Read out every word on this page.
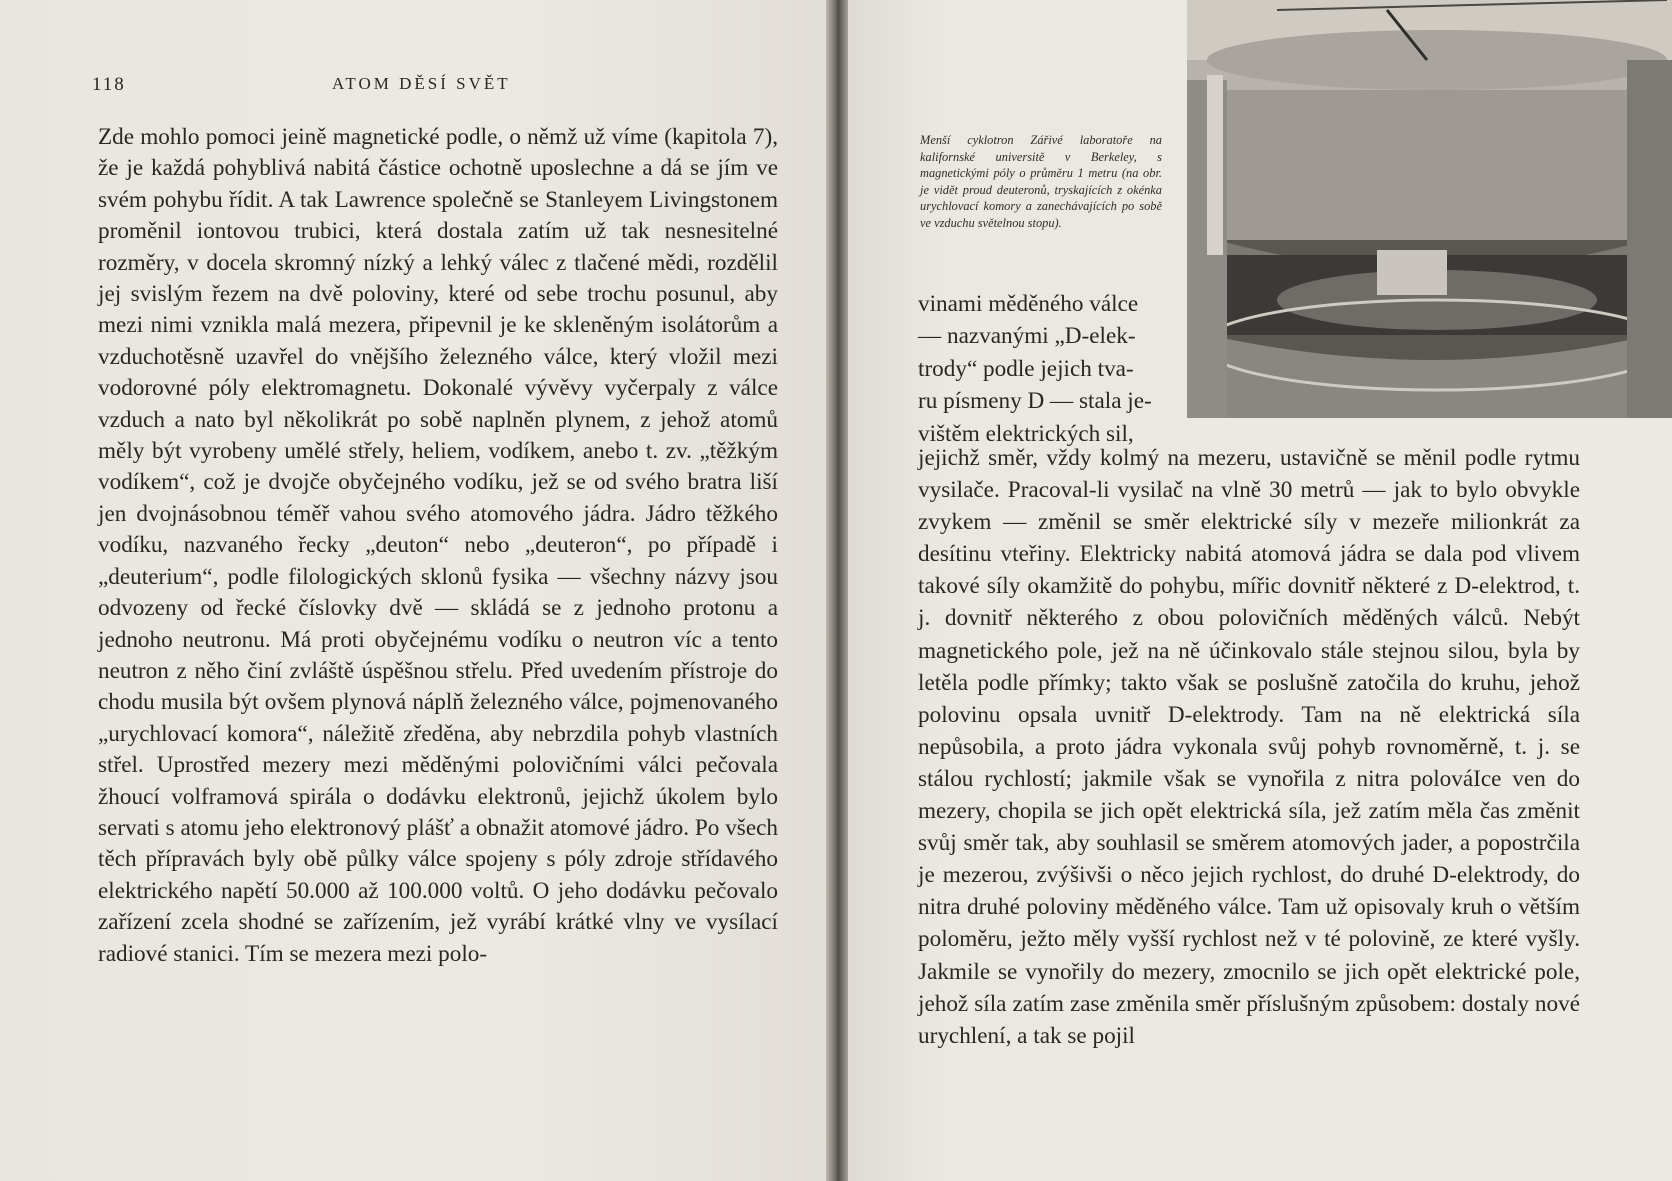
118	ATOM DĚSÍ SVĚT

Zde mohlo pomoci jeině magnetické podle, o němž už víme (kapitola 7), že je každá pohyblivá nabitá částice ochotně uposlechne a dá se jím ve svém pohybu řídit. A tak Lawrence společně se Stanleyem Livingstonem proměnil iontovou trubici, která dostala zatím už tak nesnesitelné rozměry, v docela skromný nízký a lehký válec z tlačené mědi, rozdělil jej svislým řezem na dvě poloviny, které od sebe trochu posunul, aby mezi nimi vznikla malá mezera, připevnil je ke skleněným isolátorům a vzduchotěsně uzavřel do vnějšího železného válce, který vložil mezi vodorovné póly elektromagnetu. Dokonalé vývěvy vyčerpaly z válce vzduch a nato byl několikrát po sobě naplněn plynem, z jehož atomů měly být vyrobeny umělé střely, heliem, vodíkem, anebo t. zv. „těžkým vodíkem“, což je dvojče obyčejného vodíku, jež se od svého bratra liší jen dvojnásobnou téměř vahou svého atomového jádra. Jádro těžkého vodíku, nazvaného řecky „deuton“ nebo „deuteron“, po případě i „deuterium“, podle filologických sklonů fysika — všechny názvy jsou odvozeny od řecké číslovky dvě — skládá se z jednoho protonu a jednoho neutronu. Má proti obyčejnému vodíku o neutron víc a tento neutron z něho činí zvláště úspěšnou střelu. Před uvedením přístroje do chodu musila být ovšem plynová náplň železného válce, pojmenovaného „urychlovací komora“, náležitě zředěna, aby nebrzdila pohyb vlastních střel. Uprostřed mezery mezi měděnými polovičními válci pečovala žhoucí volframová spirála o dodávku elektronů, jejichž úkolem bylo servati s atomu jeho elektronový plášť a obnažit atomové jádro. Po všech těch přípravách byly obě půlky válce spojeny s póly zdroje střídavého elektrického napětí 50.000 až 100.000 voltů. O jeho dodávku pečovalo zařízení zcela shodné se zařízením, jež vyrábí krátké vlny ve vysílací radiové stanici. Tím se mezera mezi polo-

Menší cyklotron Zářivé laboratoře na kalifornské universitě v Berkeley, s magnetickými póly o průměru 1 metru (na obr. je vidět proud deuteronů, tryskajících z okénka urychlovací komory a zanechávajících po sobě ve vzduchu světelnou stopu).
vinami měděného válce
— nazvanými „D-elek-
trody“ podle jejich tva-
ru písmeny D — stala je-
vištěm elektrických sil,

jejichž směr, vždy kolmý na mezeru, ustavičně se měnil podle rytmu vysilače. Pracoval-li vysilač na vlně 30 metrů — jak to bylo obvykle zvykem — změnil se směr elektrické síly v mezeře milionkrát za desítinu vteřiny. Elektricky nabitá atomová jádra se dala pod vlivem takové síly okamžitě do pohybu, mířic dovnitř některé z D-elektrod, t. j. dovnitř některého z obou polovičních měděných válců. Nebýt magnetického pole, jež na ně účinkovalo stále stejnou silou, byla by letěla podle přímky; takto však se poslušně zatočila do kruhu, jehož polovinu opsala uvnitř D-elektrody. Tam na ně elektrická síla nepůsobila, a proto jádra vykonala svůj pohyb rovnoměrně, t. j. se stálou rychlostí; jakmile však se vynořila z nitra polováIce ven do mezery, chopila se jich opět elektrická síla, jež zatím měla čas změnit svůj směr tak, aby souhlasil se směrem atomových jader, a popostrčila je mezerou, zvýšivši o něco jejich rychlost, do druhé D-elektrody, do nitra druhé poloviny měděného válce. Tam už opisovaly kruh o větším poloměru, ježto měly vyšší rychlost než v té polovině, ze které vyšly. Jakmile se vynořily do mezery, zmocnilo se jich opět elektrické pole, jehož síla zatím zase změnila směr příslušným způsobem: dostaly nové urychlení, a tak se pojil
